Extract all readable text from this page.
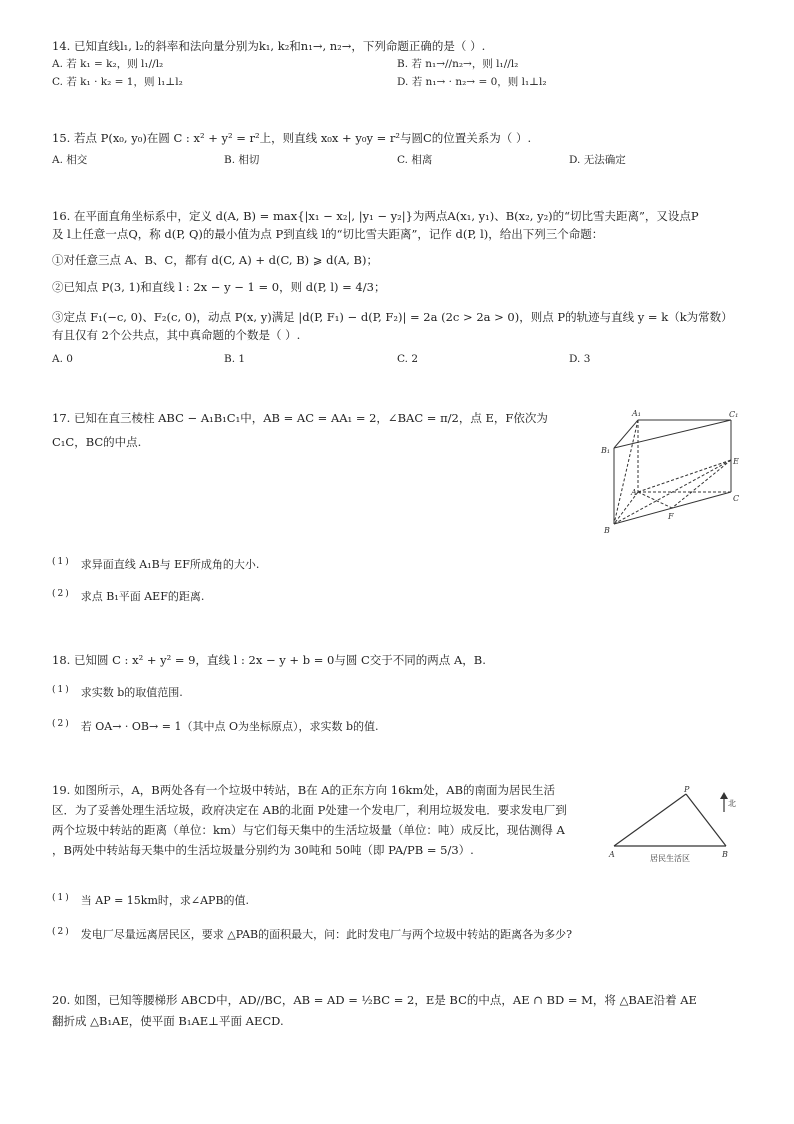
14. 已知直线l₁, l₂的斜率和法向量分别为k₁, k₂和n₁→, n₂→，下列命题正确的是（ ）.
A. 若 k₁ = k₂，则 l₁//l₂	B. 若 n₁→//n₂→，则 l₁//l₂
C. 若 k₁ · k₂ = 1，则 l₁⊥l₂	D. 若 n₁→ · n₂→ = 0，则 l₁⊥l₂
15. 若点 P(x₀, y₀)在圆 C : x² + y² = r²上，则直线 x₀x + y₀y = r²与圆C的位置关系为（ ）.
A. 相交	B. 相切	C. 相离	D. 无法确定
16. 在平面直角坐标系中，定义 d(A, B) = max{|x₁ − x₂|, |y₁ − y₂|}为两点A(x₁, y₁)、B(x₂, y₂)的“切比雪夫距离”，又设点P
及 l上任意一点Q，称 d(P, Q)的最小值为点 P到直线 l的“切比雪夫距离”，记作 d(P, l)，给出下列三个命题：
①对任意三点 A、B、C，都有 d(C, A) + d(C, B) ⩾ d(A, B)；
②已知点 P(3, 1)和直线 l : 2x − y − 1 = 0，则 d(P, l) = 4/3；
③定点 F₁(−c, 0)、F₂(c, 0)，动点 P(x, y)满足 |d(P, F₁) − d(P, F₂)| = 2a (2c > 2a > 0)，则点 P的轨迹与直线 y = k（k为常数）
有且仅有 2个公共点，其中真命题的个数是（ ）.
A. 0	B. 1	C. 2	D. 3
17. 已知在直三棱柱 ABC − A₁B₁C₁中，AB = AC = AA₁ = 2，∠BAC = π/2，点 E，F依次为
C₁C，BC的中点.
A₁	C₁
B₁
E
A
C
F
B
$^{(1)}$ 求异面直线 A₁B与 EF所成角的大小.
$^{(2)}$ 求点 B₁平面 AEF的距离.
18. 已知圆 C : x² + y² = 9，直线 l : 2x − y + b = 0与圆 C交于不同的两点 A，B.
$^{(1)}$ 求实数 b的取值范围.
$^{(2)}$ 若 OA→ · OB→ = 1（其中点 O为坐标原点），求实数 b的值.
19. 如图所示，A，B两处各有一个垃圾中转站，B在 A的正东方向 16km处，AB的南面为居民生活
区．为了妥善处理生活垃圾，政府决定在 AB的北面 P处建一个发电厂，利用垃圾发电．要求发电厂到
两个垃圾中转站的距离（单位：km）与它们每天集中的生活垃圾量（单位：吨）成反比，现估测得 A
，B两处中转站每天集中的生活垃圾量分别约为 30吨和 50吨（即 PA/PB = 5/3）.
P
A	B
居民生活区
北
$^{(1)}$ 当 AP = 15km时，求∠APB的值.
$^{(2)}$ 发电厂尽量远离居民区，要求 △PAB的面积最大，问：此时发电厂与两个垃圾中转站的距离各为多少?
20. 如图，已知等腰梯形 ABCD中，AD//BC，AB = AD = ½BC = 2，E是 BC的中点，AE ∩ BD = M，将 △BAE沿着 AE
翻折成 △B₁AE，使平面 B₁AE⊥平面 AECD.
